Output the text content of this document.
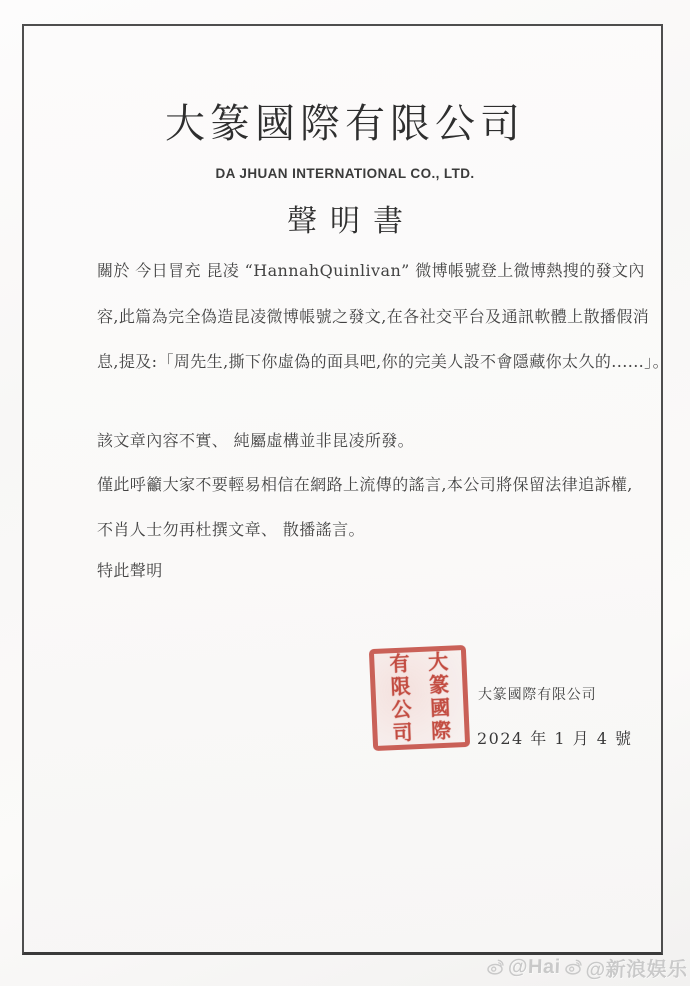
大篆國際有限公司
DA JHUAN INTERNATIONAL CO., LTD.
聲明書
關於 今日冒充 昆凌 “HannahQuinlivan” 微博帳號登上微博熱搜的發文內
容,此篇為完全偽造昆凌微博帳號之發文,在各社交平台及通訊軟體上散播假消
息,提及:「周先生,撕下你虛偽的面具吧,你的完美人設不會隱藏你太久的......」。
該文章內容不實、 純屬虛構並非昆凌所發。
僅此呼籲大家不要輕易相信在網路上流傳的謠言,本公司將保留法律追訴權,
不肖人士勿再杜撰文章、 散播謠言。
特此聲明
大篆國際
有限公司	大篆國際有限公司
2024 年 1 月 4 號
@Hai @新浪娱乐
